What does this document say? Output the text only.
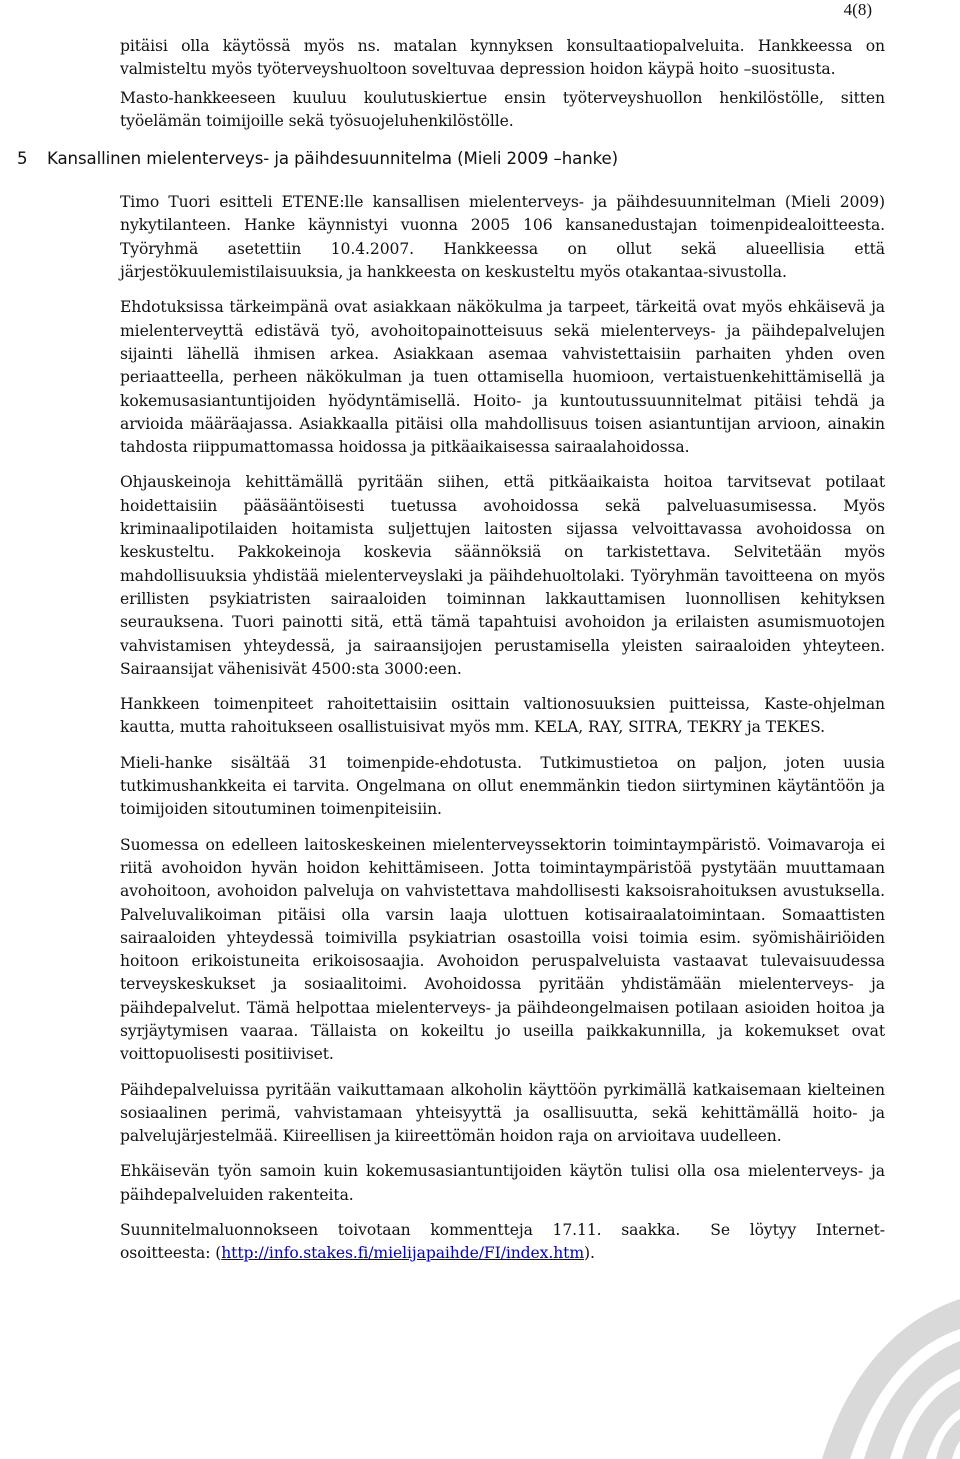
4(8)

pitäisi olla käytössä myös ns. matalan kynnyksen konsultaatiopalveluita. Hankkeessa on valmisteltu myös työterveyshuoltoon soveltuvaa depression hoidon käypä hoito –suositusta.

Masto-hankkeeseen kuuluu koulutuskiertue ensin työterveyshuollon henkilöstölle, sitten työelämän toimijoille sekä työsuojeluhenkilöstölle.

5 Kansallinen mielenterveys- ja päihdesuunnitelma (Mieli 2009 –hanke)

Timo Tuori esitteli ETENE:lle kansallisen mielenterveys- ja päihdesuunnitelman (Mieli 2009) nykytilanteen. Hanke käynnistyi vuonna 2005 106 kansanedustajan toimenpidealoitteesta. Työryhmä asetettiin 10.4.2007. Hankkeessa on ollut sekä alueellisia että järjestökuulemistilaisuuksia, ja hankkeesta on keskusteltu myös otakantaa-sivustolla.

Ehdotuksissa tärkeimpänä ovat asiakkaan näkökulma ja tarpeet, tärkeitä ovat myös ehkäisevä ja mielenterveyttä edistävä työ, avohoitopainotteisuus sekä mielenterveys- ja päihdepalvelujen sijainti lähellä ihmisen arkea. Asiakkaan asemaa vahvistettaisiin parhaiten yhden oven periaatteella, perheen näkökulman ja tuen ottamisella huomioon, vertaistuenkehittämisellä ja kokemusasiantuntijoiden hyödyntämisellä. Hoito- ja kuntoutussuunnitelmat pitäisi tehdä ja arvioida määräajassa. Asiakkaalla pitäisi olla mahdollisuus toisen asiantuntijan arvioon, ainakin tahdosta riippumattomassa hoidossa ja pitkäaikaisessa sairaalahoidossa.

Ohjauskeinoja kehittämällä pyritään siihen, että pitkäaikaista hoitoa tarvitsevat potilaat hoidettaisiin pääsääntöisesti tuetussa avohoidossa sekä palveluasumisessa. Myös kriminaalipotilaiden hoitamista suljettujen laitosten sijassa velvoittavassa avohoidossa on keskusteltu. Pakkokeinoja koskevia säännöksiä on tarkistettava. Selvitetään myös mahdollisuuksia yhdistää mielenterveyslaki ja päihdehuoltolaki. Työryhmän tavoitteena on myös erillisten psykiatristen sairaaloiden toiminnan lakkauttamisen luonnollisen kehityksen seurauksena. Tuori painotti sitä, että tämä tapahtuisi avohoidon ja erilaisten asumismuotojen vahvistamisen yhteydessä, ja sairaansijojen perustamisella yleisten sairaaloiden yhteyteen. Sairaansijat vähenisivät 4500:sta 3000:een.

Hankkeen toimenpiteet rahoitettaisiin osittain valtionosuuksien puitteissa, Kaste-ohjelman kautta, mutta rahoitukseen osallistuisivat myös mm. KELA, RAY, SITRA, TEKRY ja TEKES.

Mieli-hanke sisältää 31 toimenpide-ehdotusta. Tutkimustietoa on paljon, joten uusia tutkimushankkeita ei tarvita. Ongelmana on ollut enemmänkin tiedon siirtyminen käytäntöön ja toimijoiden sitoutuminen toimenpiteisiin.

Suomessa on edelleen laitoskeskeinen mielenterveyssektorin toimintaympäristö. Voimavaroja ei riitä avohoidon hyvän hoidon kehittämiseen. Jotta toimintaympäristöä pystytään muuttamaan avohoitoon, avohoidon palveluja on vahvistettava mahdollisesti kaksoisrahoituksen avustuksella. Palveluvalikoiman pitäisi olla varsin laaja ulottuen kotisairaalatoimintaan. Somaattisten sairaaloiden yhteydessä toimivilla psykiatrian osastoilla voisi toimia esim. syömishäiriöiden hoitoon erikoistuneita erikoisosaajia. Avohoidon peruspalveluista vastaavat tulevaisuudessa terveyskeskukset ja sosiaalitoimi. Avohoidossa pyritään yhdistämään mielenterveys- ja päihdepalvelut. Tämä helpottaa mielenterveys- ja päihdeongelmaisen potilaan asioiden hoitoa ja syrjäytymisen vaaraa. Tällaista on kokeiltu jo useilla paikkakunnilla, ja kokemukset ovat voittopuolisesti positiiviset.

Päihdepalveluissa pyritään vaikuttamaan alkoholin käyttöön pyrkimällä katkaisemaan kielteinen sosiaalinen perimä, vahvistamaan yhteisyyttä ja osallisuutta, sekä kehittämällä hoito- ja palvelujärjestelmää. Kiireellisen ja kiireettömän hoidon raja on arvioitava uudelleen.

Ehkäisevän työn samoin kuin kokemusasiantuntijoiden käytön tulisi olla osa mielenterveys- ja päihdepalveluiden rakenteita.

Suunnitelmaluonnokseen toivotaan kommentteja 17.11. saakka. Se löytyy Internet-osoitteesta: (http://info.stakes.fi/mielijapaihde/FI/index.htm).
